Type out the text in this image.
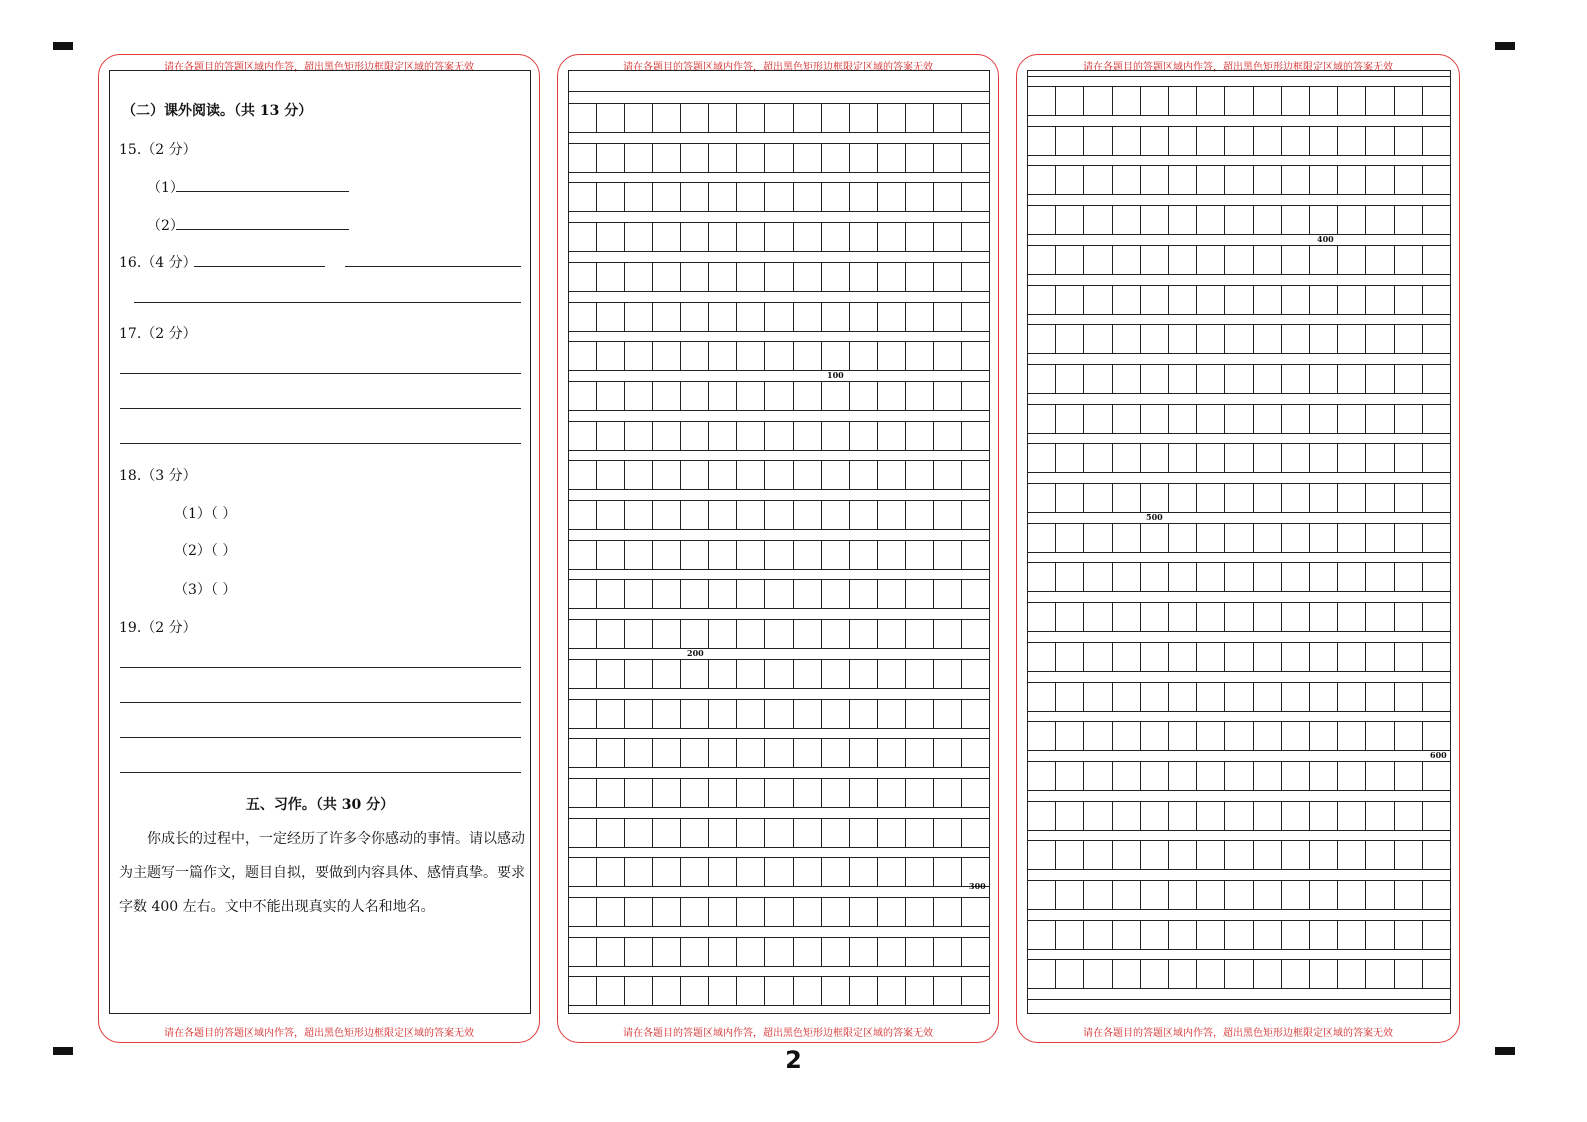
请在各题目的答题区域内作答，超出黑色矩形边框限定区域的答案无效
请在各题目的答题区域内作答，超出黑色矩形边框限定区域的答案无效
（二）课外阅读。（共 13 分）
15.（2 分）
（1）
（2）
16.（4 分）
17.（2 分）
18.（3 分）
（1）（ ）
（2）（ ）
（3）（ ）
19.（2 分）
五、习作。（共 30 分）
你成长的过程中，一定经历了许多令你感动的事情。请以感动
为主题写一篇作文，题目自拟，要做到内容具体、感情真挚。要求
字数 400 左右。文中不能出现真实的人名和地名。
请在各题目的答题区域内作答，超出黑色矩形边框限定区域的答案无效
请在各题目的答题区域内作答，超出黑色矩形边框限定区域的答案无效
100
200
300
请在各题目的答题区域内作答，超出黑色矩形边框限定区域的答案无效
请在各题目的答题区域内作答，超出黑色矩形边框限定区域的答案无效
400
500
600
2
